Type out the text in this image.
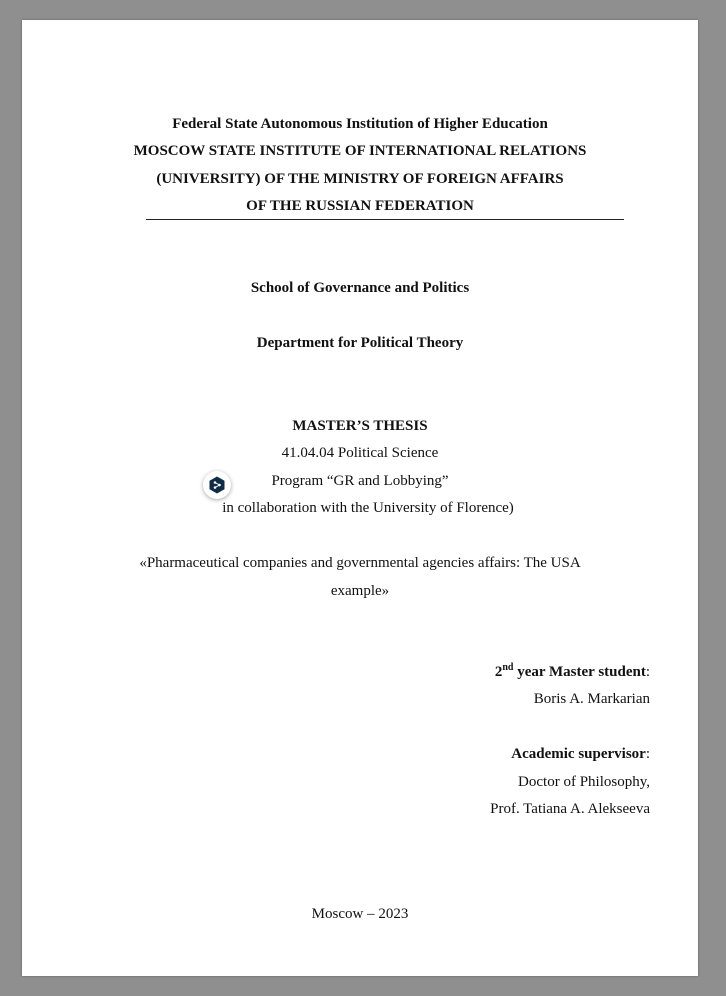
Federal State Autonomous Institution of Higher Education
MOSCOW STATE INSTITUTE OF INTERNATIONAL RELATIONS
(UNIVERSITY) OF THE MINISTRY OF FOREIGN AFFAIRS
OF THE RUSSIAN FEDERATION
School of Governance and Politics
Department for Political Theory
MASTER’S THESIS
41.04.04 Political Science
Program “GR and Lobbying”
in collaboration with the University of Florence)
«Pharmaceutical companies and governmental agencies affairs: The USA
example»
2nd year Master student:
Boris A. Markarian
Academic supervisor:
Doctor of Philosophy,
Prof. Tatiana A. Alekseeva
Moscow – 2023
